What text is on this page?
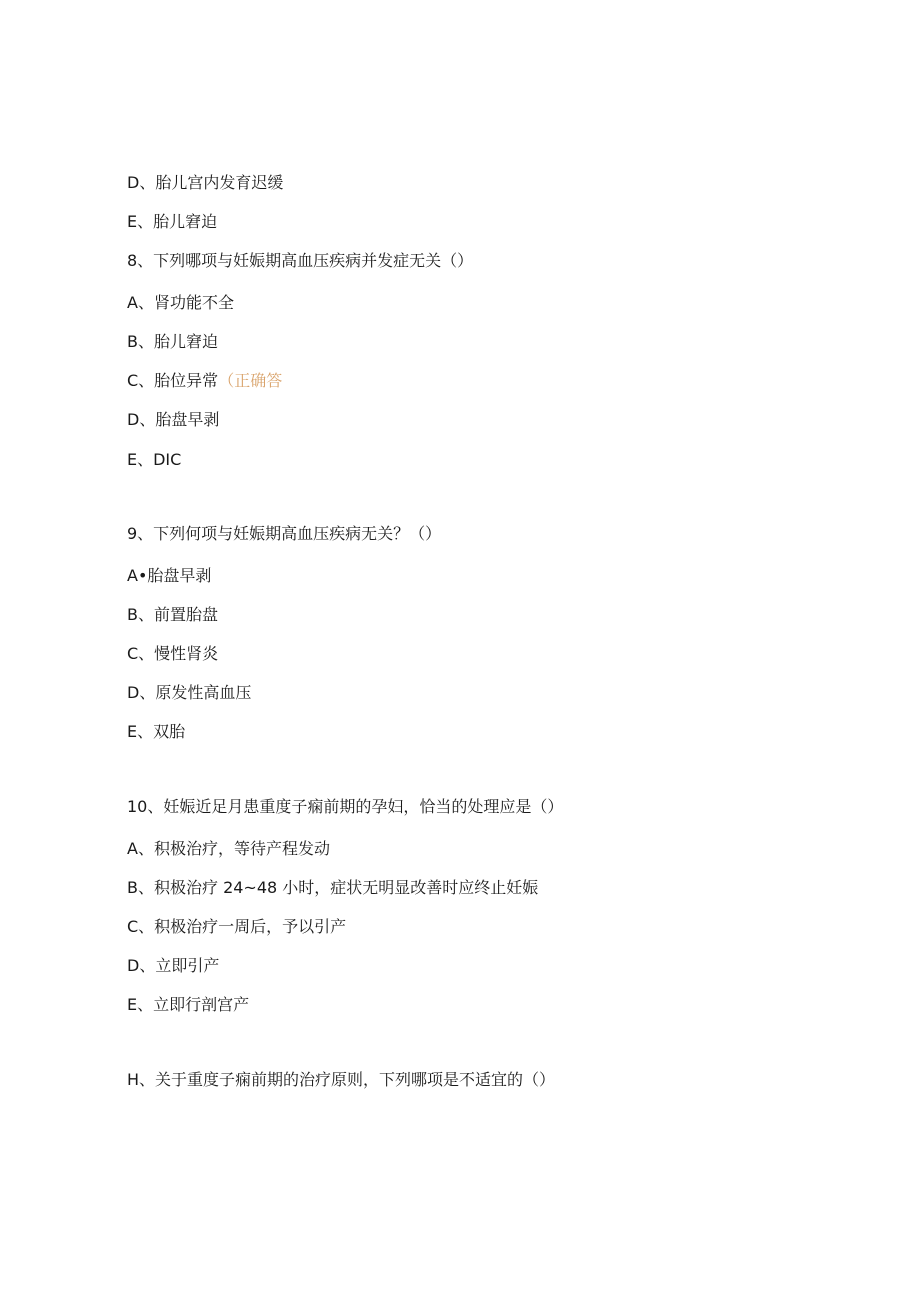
D、胎儿宫内发育迟缓
E、胎儿窘迫
8、下列哪项与妊娠期高血压疾病并发症无关（）
A、肾功能不全
B、胎儿窘迫
C、胎位异常（正确答
D、胎盘早剥
E、DIC
9、下列何项与妊娠期高血压疾病无关？（）
A•胎盘早剥
B、前置胎盘
C、慢性肾炎
D、原发性高血压
E、双胎
10、妊娠近足月患重度子痫前期的孕妇，恰当的处理应是（）
A、积极治疗，等待产程发动
B、积极治疗 24~48 小时，症状无明显改善时应终止妊娠
C、积极治疗一周后，予以引产
D、立即引产
E、立即行剖宫产
H、关于重度子痫前期的治疗原则，下列哪项是不适宜的（）
